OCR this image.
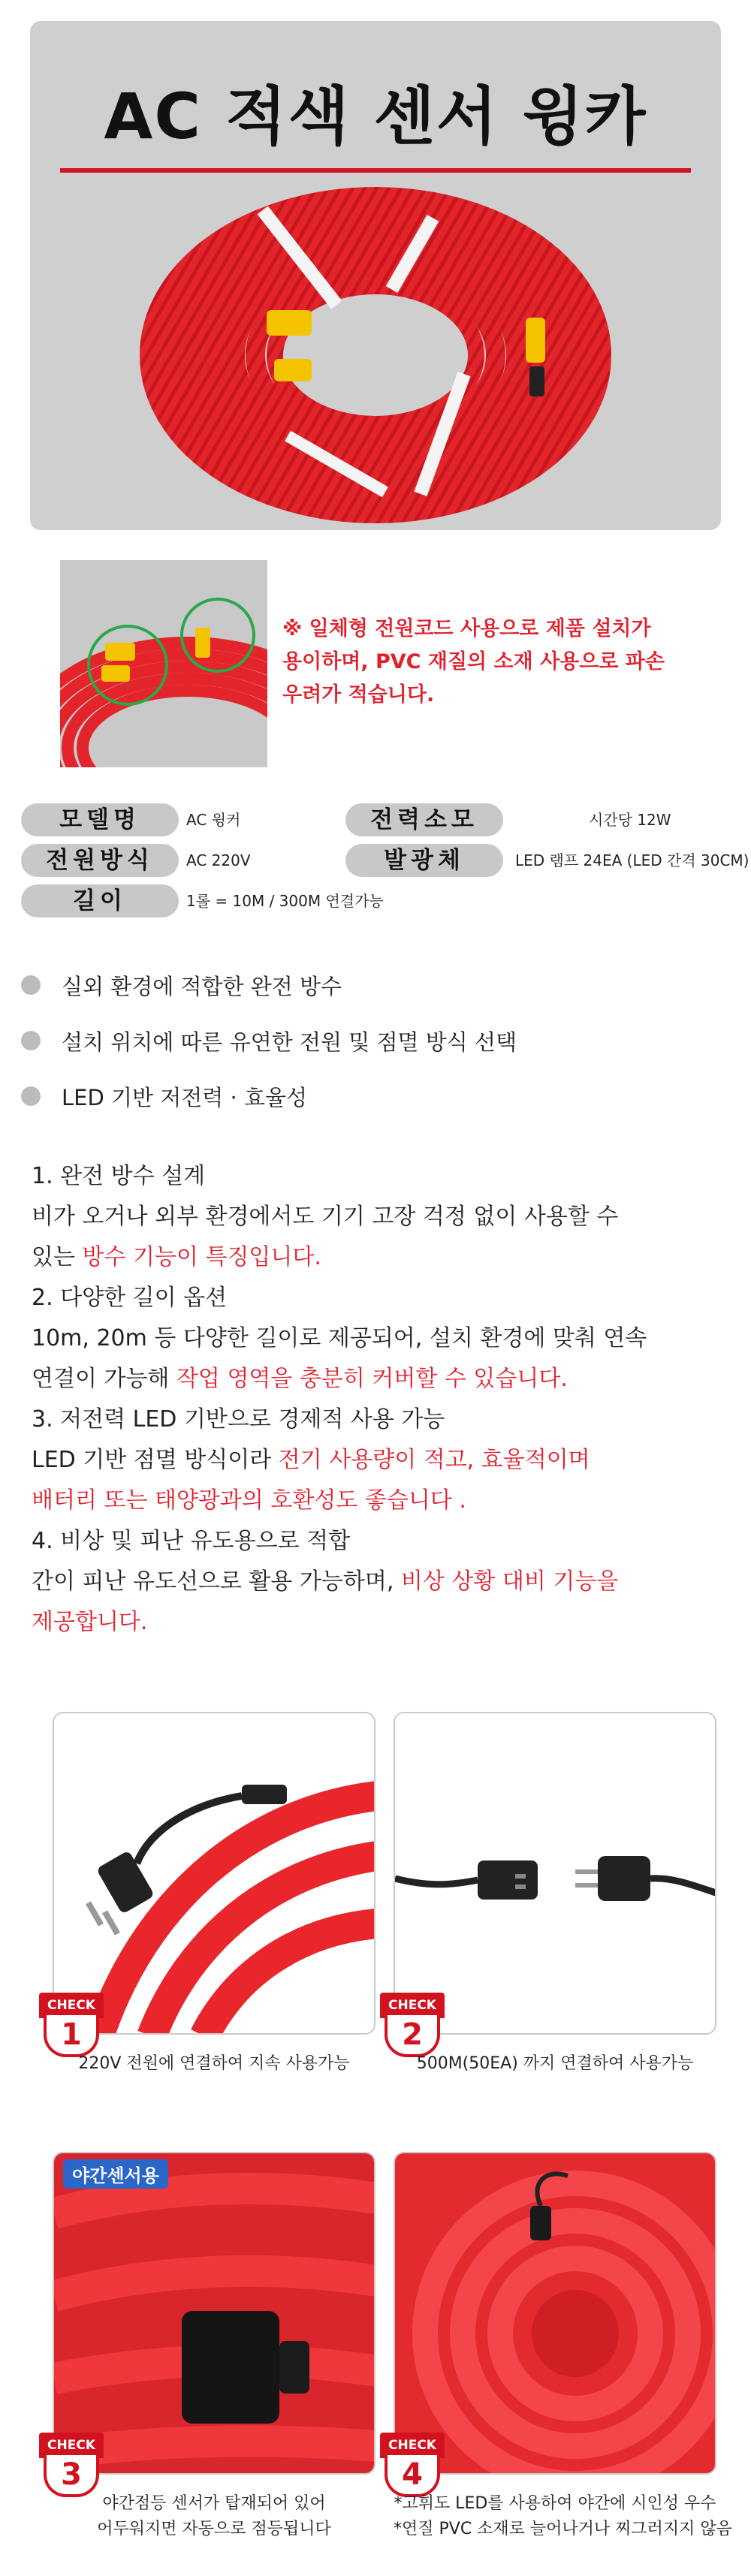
AC 적색 센서 윙카
※ 일체형 전원코드 사용으로 제품 설치가
용이하며, PVC 재질의 소재 사용으로 파손
우려가 적습니다.
모델명	AC 윙커	전력소모	시간당 12W
전원방식	AC 220V	발광체	LED 램프 24EA (LED 간격 30CM)
길이	1롤 = 10M / 300M 연결가능
실외 환경에 적합한 완전 방수
설치 위치에 따른 유연한 전원 및 점멸 방식 선택
LED 기반 저전력 · 효율성

1. 완전 방수 설계

비가 오거나 외부 환경에서도 기기 고장 걱정 없이 사용할 수

있는 방수 기능이 특징입니다.

2. 다양한 길이 옵션

10m, 20m 등 다양한 길이로 제공되어, 설치 환경에 맞춰 연속

연결이 가능해 작업 영역을 충분히 커버할 수 있습니다.

3. 저전력 LED 기반으로 경제적 사용 가능

LED 기반 점멸 방식이라 전기 사용량이 적고, 효율적이며

배터리 또는 태양광과의 호환성도 좋습니다 .

4. 비상 및 피난 유도용으로 적합

간이 피난 유도선으로 활용 가능하며, 비상 상황 대비 기능을

제공합니다.

CHECK
1
220V 전원에 연결하여 지속 사용가능
CHECK
2
500M(50EA) 까지 연결하여 사용가능
야간센서용
CHECK
3
야간점등 센서가 탑재되어 있어
어두워지면 자동으로 점등됩니다
CHECK
4
*고휘도 LED를 사용하여 야간에 시인성 우수
*연질 PVC 소재로 늘어나거나 찌그러지지 않음
